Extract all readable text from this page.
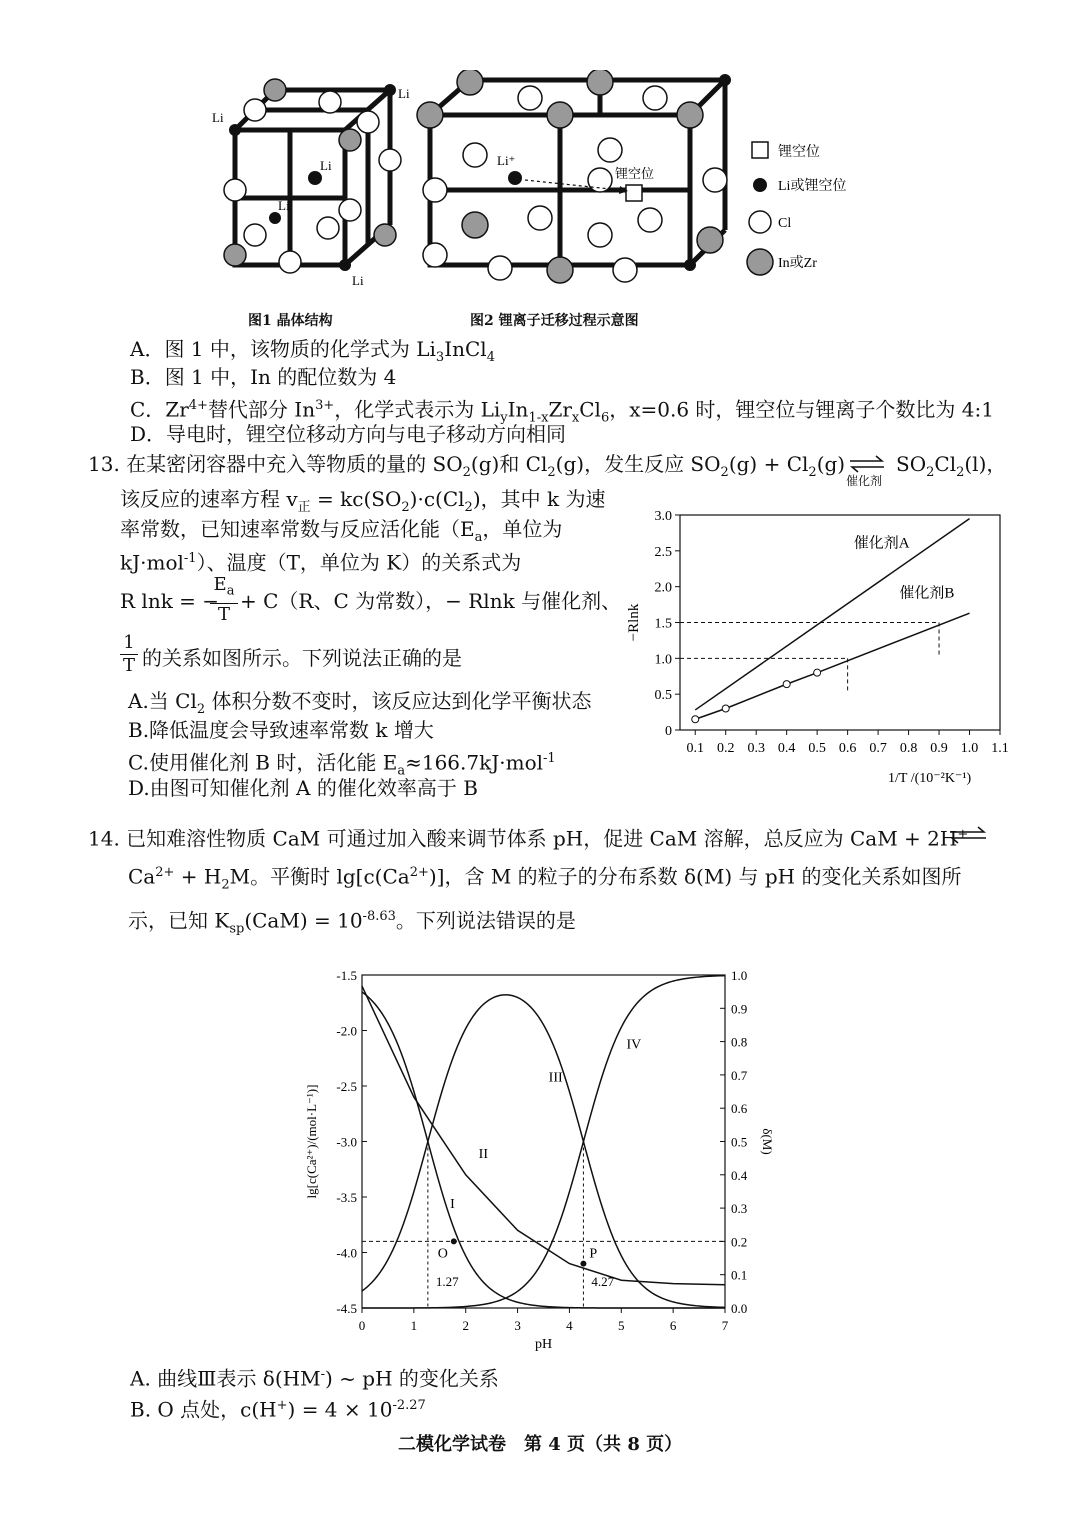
Li
Li
Li
Li
Li
Li⁺
锂空位
锂空位
Li或锂空位
Cl
In或Zr
图1 晶体结构	图2 锂离子迁移过程示意图
A．图 1 中，该物质的化学式为 $Li_3InCl_4$
B．图 1 中，In 的配位数为 4
C．$Zr^{4+}$替代部分 $In^{3+}$，化学式表示为 $Li_yIn_{1-x}Zr_xCl_6$，x=0.6 时，锂空位与锂离子个数比为 4:1
D．导电时，锂空位移动方向与电子移动方向相同
13. 在某密闭容器中充入等物质的量的 $SO_2(g)$和 $Cl_2(g)$，发生反应 $SO_2(g) + Cl_2(g)$ ⇌
催化剂
$SO_2Cl_2(l)$，
该反应的速率方程 $v_正 = kc(SO_2)\cdot c(Cl_2)$，其中 k 为速
率常数，已知速率常数与反应活化能（$E_a$，单位为
kJ·mol$^{-1}$）、温度（T，单位为 K）的关系式为
R lnk = −
$E_a$
T
+ C（R、C 为常数），− Rlnk 与催化剂、
1
T 的关系如图所示。下列说法正确的是
A.当 $Cl_2$ 体积分数不变时，该反应达到化学平衡状态
B.降低温度会导致速率常数 k 增大
C.使用催化剂 B 时，活化能 $E_a\approx 166.7kJ\cdot mol^{-1}$
D.由图可知催化剂 A 的催化效率高于 B
0.1 0.2 0.3 0.4 0.5 0.6 0.7 0.8 0.9 1.0 1.1
0
0.5
1.0
1.5
2.0
2.5
3.0
催化剂A
催化剂B
−Rlnk
1/T /(10⁻²K⁻¹)
14. 已知难溶性物质 CaM 可通过加入酸来调节体系 pH，促进 CaM 溶解，总反应为 CaM + 2H+
$Ca^{2+} + H_2M$。平衡时 $\lg[c(Ca^{2+})]$，含 M 的粒子的分布系数 δ(M) 与 pH 的变化关系如图所
示，已知 $K_{sp}(CaM) = 10^{-8.63}$。下列说法错误的是
0	1	2	3	4	5	6	7
-1.5
-2.0
-2.5
-3.0
-3.5
-4.0
-4.5	0.0
0.1
0.2
0.3
0.4
0.5
0.6
0.7
0.8
0.9
1.0
1.27	4.27
I
II
III
IV
O	P
lg[c(Ca²⁺)/(mol·L⁻¹)]	δ(M)
pH
A. 曲线Ⅲ表示 δ(HM-) ~ pH 的变化关系
B. O 点处，$c(H^+) = 4 \times 10^{-2.27}$
二模化学试卷　第 4 页（共 8 页）
